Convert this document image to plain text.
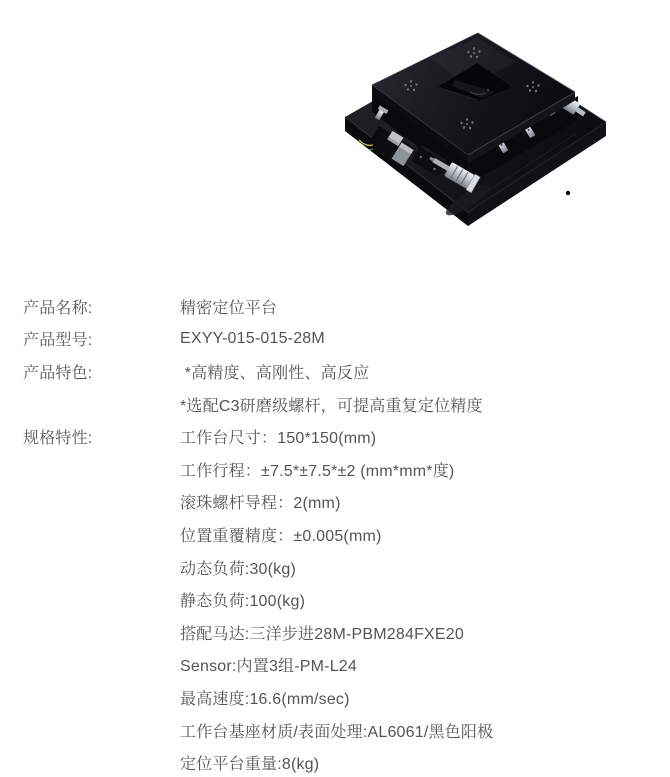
产品名称:	精密定位平台
产品型号:	EXYY-015-015-28M
产品特色:	*高精度、高刚性、高反应
*选配C3研磨级螺杆，可提高重复定位精度
规格特性:	工作台尺寸：150*150(mm)
工作行程：±7.5*±7.5*±2 (mm*mm*度)
滚珠螺杆导程：2(mm)
位置重覆精度：±0.005(mm)
动态负荷:30(kg)
静态负荷:100(kg)
搭配马达:三洋步进28M-PBM284FXE20
Sensor:内置3组-PM-L24
最高速度:16.6(mm/sec)
工作台基座材质/表面处理:AL6061/黑色阳极
定位平台重量:8(kg)
